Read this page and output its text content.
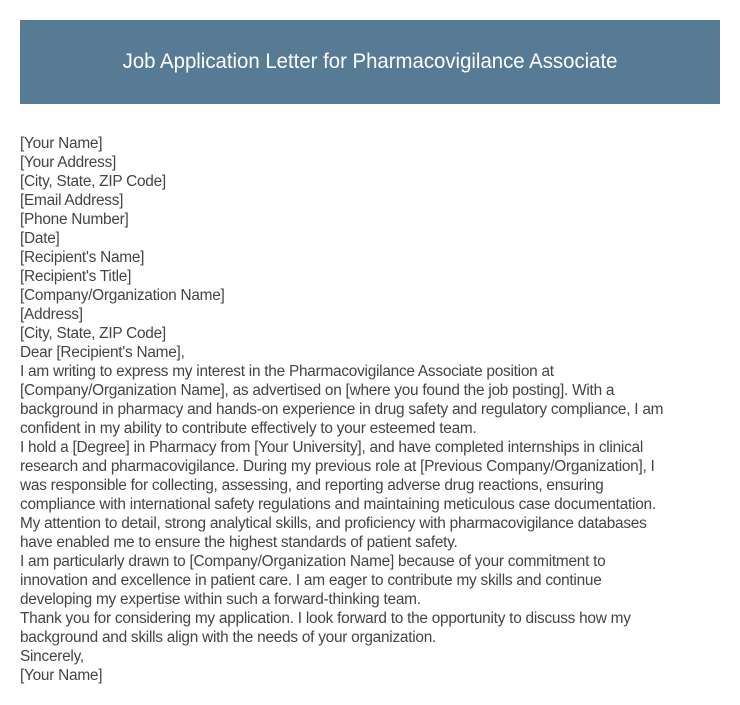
Job Application Letter for Pharmacovigilance Associate
[Your Name]
[Your Address]
[City, State, ZIP Code]
[Email Address]
[Phone Number]
[Date]
[Recipient's Name]
[Recipient's Title]
[Company/Organization Name]
[Address]
[City, State, ZIP Code]
Dear [Recipient's Name],
I am writing to express my interest in the Pharmacovigilance Associate position at
[Company/Organization Name], as advertised on [where you found the job posting]. With a
background in pharmacy and hands-on experience in drug safety and regulatory compliance, I am
confident in my ability to contribute effectively to your esteemed team.
I hold a [Degree] in Pharmacy from [Your University], and have completed internships in clinical
research and pharmacovigilance. During my previous role at [Previous Company/Organization], I
was responsible for collecting, assessing, and reporting adverse drug reactions, ensuring
compliance with international safety regulations and maintaining meticulous case documentation.
My attention to detail, strong analytical skills, and proficiency with pharmacovigilance databases
have enabled me to ensure the highest standards of patient safety.
I am particularly drawn to [Company/Organization Name] because of your commitment to
innovation and excellence in patient care. I am eager to contribute my skills and continue
developing my expertise within such a forward-thinking team.
Thank you for considering my application. I look forward to the opportunity to discuss how my
background and skills align with the needs of your organization.
Sincerely,
[Your Name]
